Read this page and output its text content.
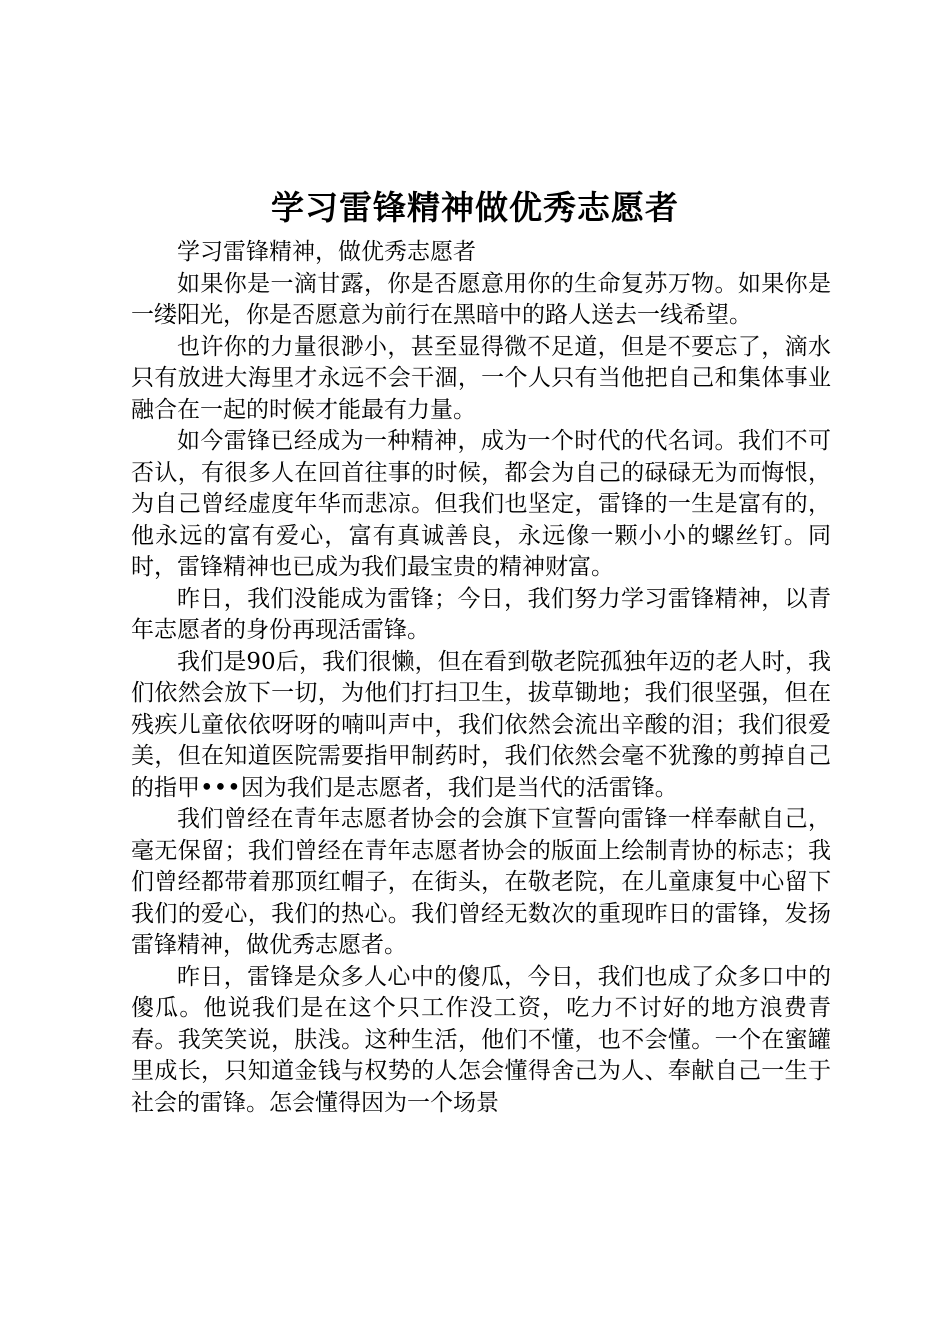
学习雷锋精神做优秀志愿者

学习雷锋精神，做优秀志愿者

如果你是一滴甘露，你是否愿意用你的生命复苏万物。如果你是一缕阳光，你是否愿意为前行在黑暗中的路人送去一线希望。

也许你的力量很渺小，甚至显得微不足道，但是不要忘了，滴水只有放进大海里才永远不会干涸，一个人只有当他把自己和集体事业融合在一起的时候才能最有力量。

如今雷锋已经成为一种精神，成为一个时代的代名词。我们不可否认，有很多人在回首往事的时候，都会为自己的碌碌无为而悔恨，为自己曾经虚度年华而悲凉。但我们也坚定，雷锋的一生是富有的，他永远的富有爱心，富有真诚善良，永远像一颗小小的螺丝钉。同时，雷锋精神也已成为我们最宝贵的精神财富。

昨日，我们没能成为雷锋；今日，我们努力学习雷锋精神，以青年志愿者的身份再现活雷锋。

我们是90后，我们很懒，但在看到敬老院孤独年迈的老人时，我们依然会放下一切，为他们打扫卫生，拔草锄地；我们很坚强，但在残疾儿童依依呀呀的喃叫声中，我们依然会流出辛酸的泪；我们很爱美，但在知道医院需要指甲制药时，我们依然会毫不犹豫的剪掉自己的指甲•••因为我们是志愿者，我们是当代的活雷锋。

我们曾经在青年志愿者协会的会旗下宣誓向雷锋一样奉献自己，毫无保留；我们曾经在青年志愿者协会的版面上绘制青协的标志；我们曾经都带着那顶红帽子，在街头，在敬老院，在儿童康复中心留下我们的爱心，我们的热心。我们曾经无数次的重现昨日的雷锋，发扬雷锋精神，做优秀志愿者。

昨日，雷锋是众多人心中的傻瓜，今日，我们也成了众多口中的傻瓜。他说我们是在这个只工作没工资，吃力不讨好的地方浪费青春。我笑笑说，肤浅。这种生活，他们不懂，也不会懂。一个在蜜罐里成长，只知道金钱与权势的人怎会懂得舍己为人、奉献自己一生于社会的雷锋。怎会懂得因为一个场景
